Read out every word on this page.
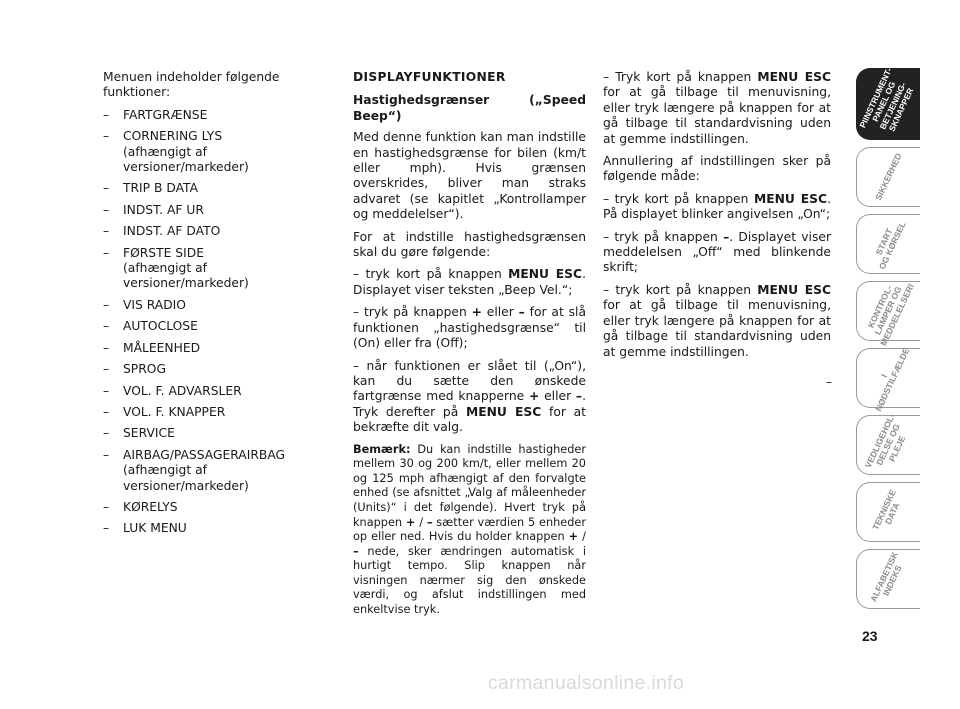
Menuen indeholder følgende funktioner:

– FARTGRÆNSE
– CORNERING LYS
(afhængigt af versioner/markeder)
– TRIP B DATA
– INDST. AF UR
– INDST. AF DATO
– FØRSTE SIDE
(afhængigt af versioner/markeder)
– VIS RADIO
– AUTOCLOSE
– MÅLEENHED
– SPROG
– VOL. F. ADVARSLER
– VOL. F. KNAPPER
– SERVICE
– AIRBAG/PASSAGERAIRBAG
(afhængigt af versioner/markeder)
– KØRELYS
– LUK MENU

DISPLAYFUNKTIONER

Hastighedsgrænser („Speed Beep“)

Med denne funktion kan man indstille en hastighedsgrænse for bilen (km/t eller mph). Hvis grænsen overskrides, bliver man straks advaret (se kapitlet „Kontrollamper og meddelelser“).

For at indstille hastighedsgrænsen skal du gøre følgende:

– tryk kort på knappen MENU ESC. Displayet viser teksten „Beep Vel.“;

– tryk på knappen + eller – for at slå funktionen „hastighedsgrænse“ til (On) eller fra (Off);

– når funktionen er slået til („On“), kan du sætte den ønskede fartgrænse med knapperne + eller –. Tryk derefter på MENU ESC for at bekræfte dit valg.

Bemærk: Du kan indstille hastigheder mellem 30 og 200 km/t, eller mellem 20 og 125 mph afhængigt af den forvalgte enhed (se afsnittet „Valg af måleenheder (Units)“ i det følgende). Hvert tryk på knappen + / – sætter værdien 5 enheder op eller ned. Hvis du holder knappen + / – nede, sker ændringen automatisk i hurtigt tempo. Slip knappen når visningen nærmer sig den ønskede værdi, og afslut indstillingen med enkeltvise tryk.

– Tryk kort på knappen MENU ESC for at gå tilbage til menuvisning, eller tryk længere på knappen for at gå tilbage til standardvisning uden at gemme indstillingen.

Annullering af indstillingen sker på følgende måde:

– tryk kort på knappen MENU ESC. På displayet blinker angivelsen „On“;

– tryk på knappen –. Displayet viser meddelelsen „Off“ med blinkende skrift;

– tryk kort på knappen MENU ESC for at gå tilbage til menuvisning, eller tryk længere på knappen for at gå tilbage til standardvisning uden at gemme indstillingen.

–
PIINSTRUMENT-
PANEL OG
BETJENING-
SKNAPPER
SIKKERHED
START
OG KØRSEL
KONTROL-
LAMPER OG
MEDDELELSERI
I
NØDSTILFÆLDE
VEDLIGEHOL-
DELSE OG
PLEJE
TEKNISKE
DATA
ALFABETISK
INDEKS
23
carmanualsonline.info
